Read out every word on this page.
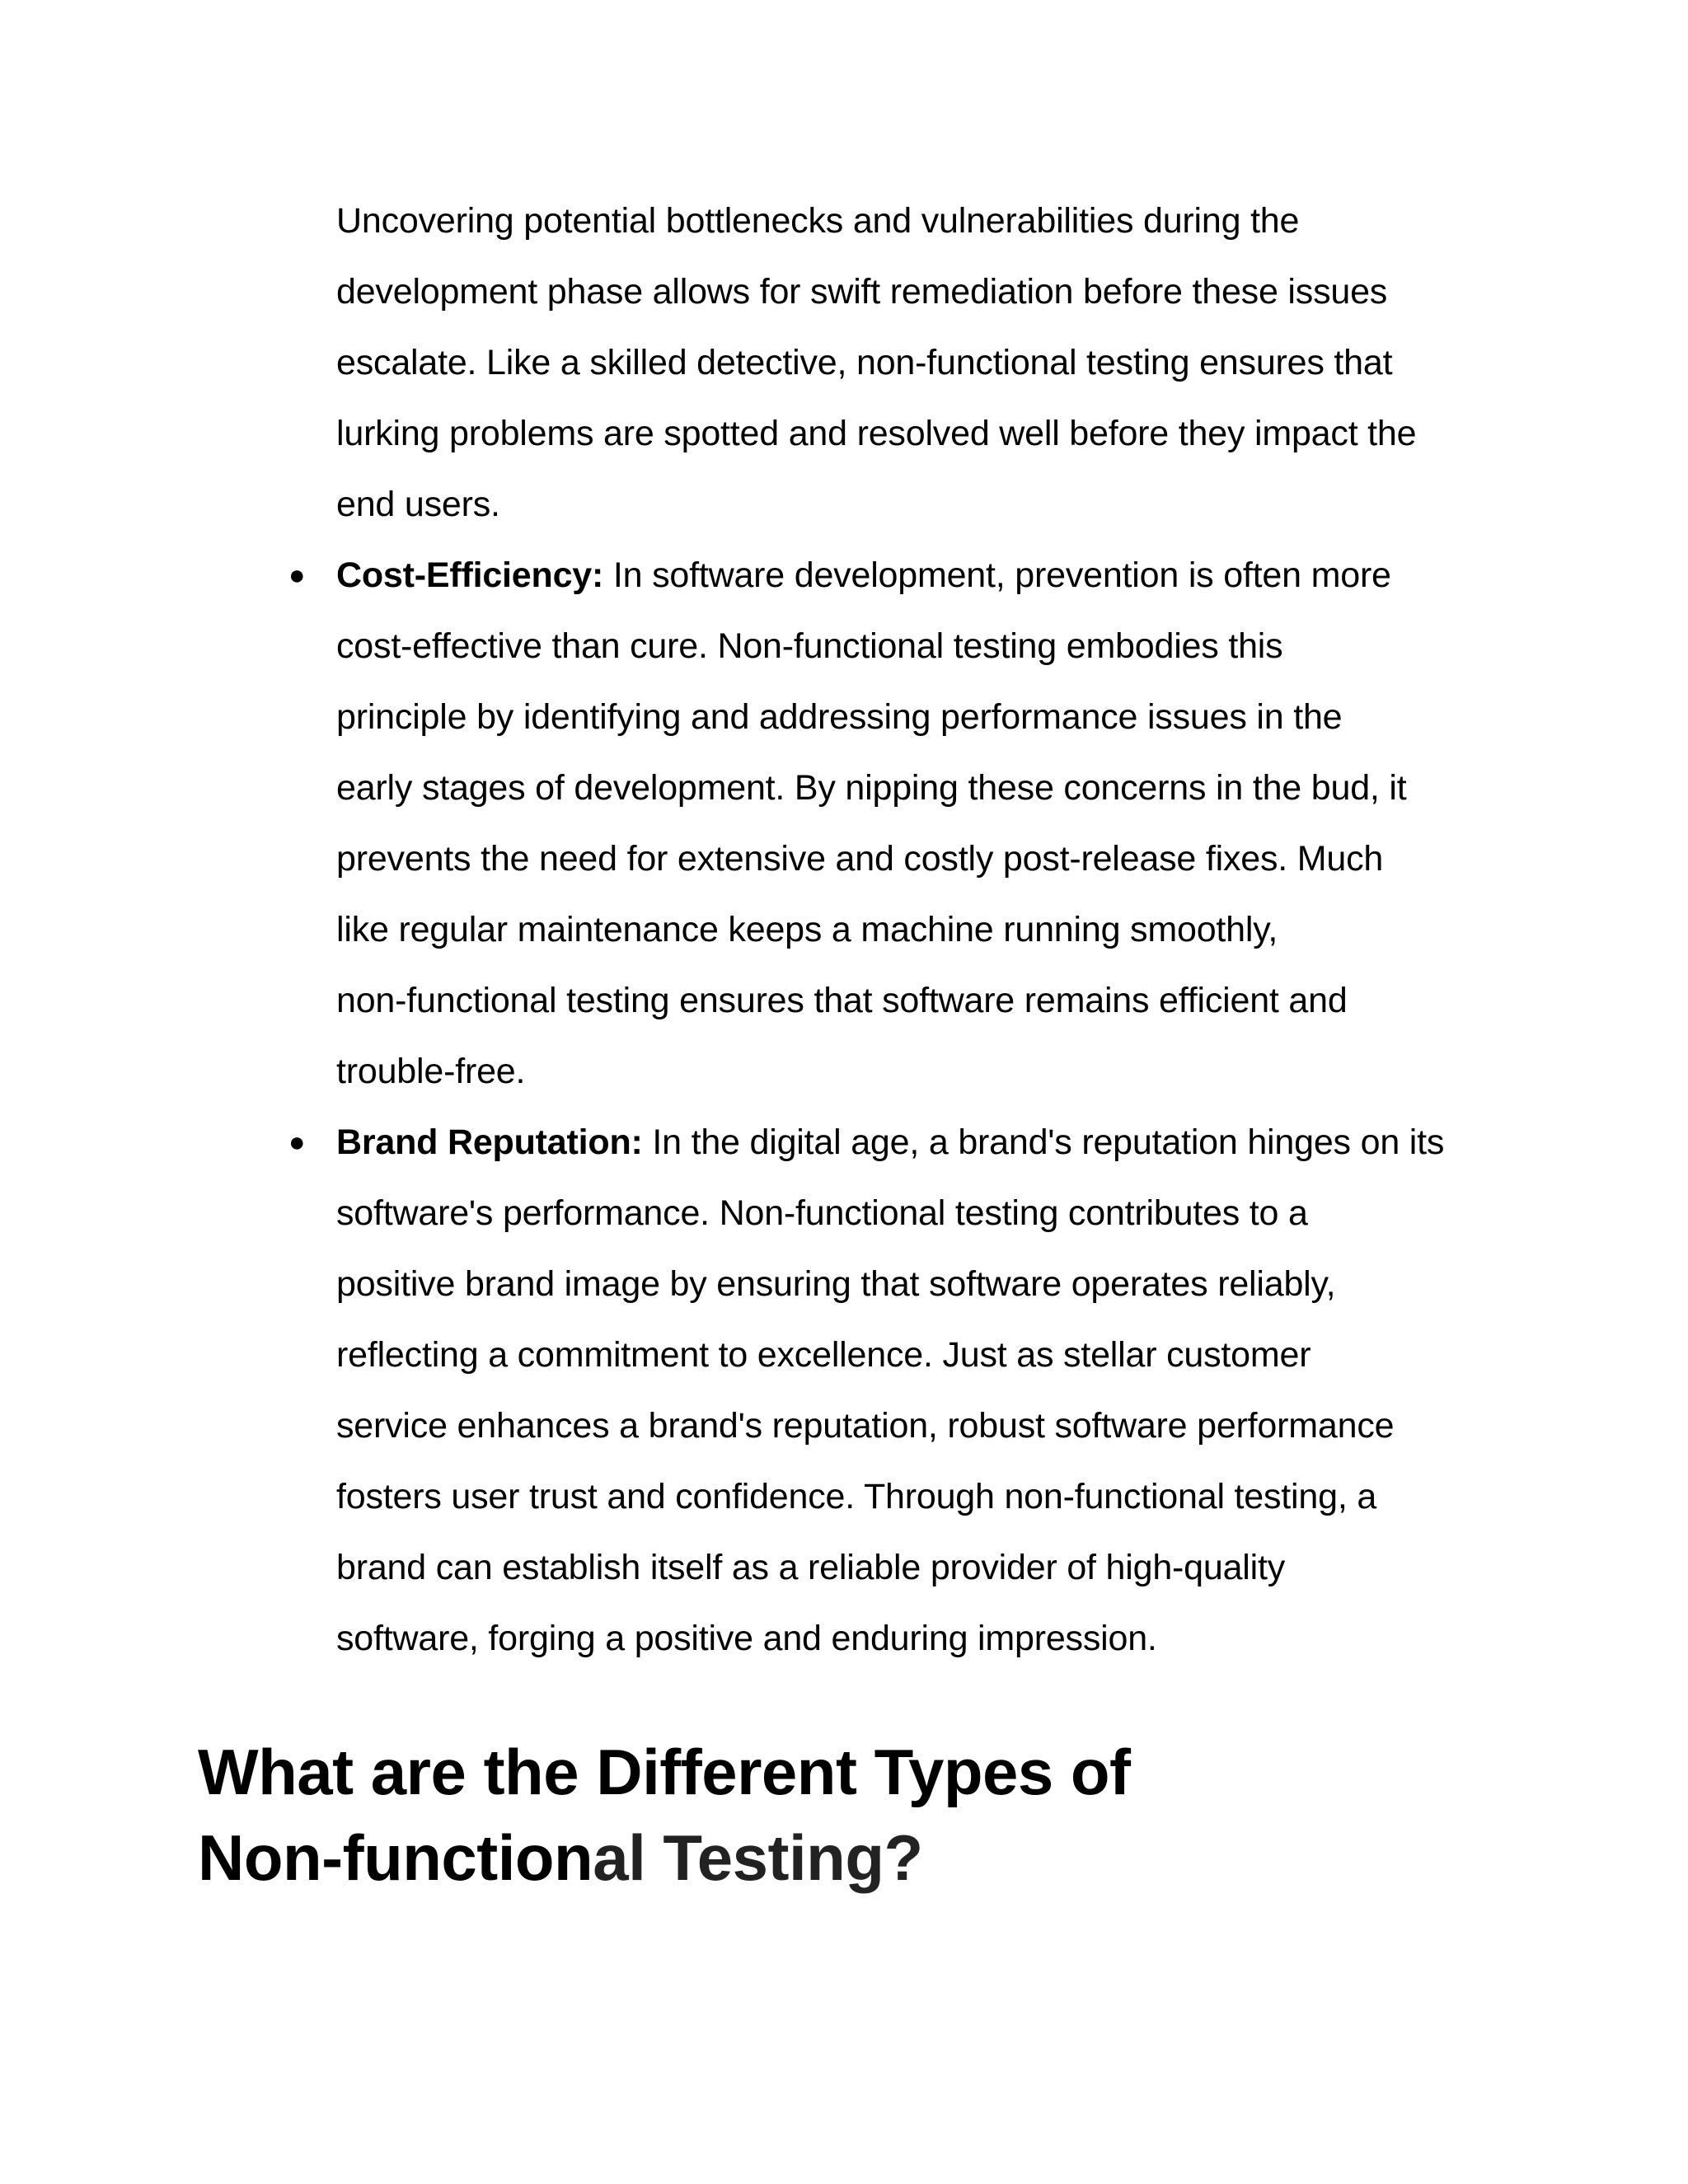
Uncovering potential bottlenecks and vulnerabilities during the
development phase allows for swift remediation before these issues
escalate. Like a skilled detective, non-functional testing ensures that
lurking problems are spotted and resolved well before they impact the
end users.
● Cost-Efficiency: In software development, prevention is often more
cost-effective than cure. Non-functional testing embodies this
principle by identifying and addressing performance issues in the
early stages of development. By nipping these concerns in the bud, it
prevents the need for extensive and costly post-release fixes. Much
like regular maintenance keeps a machine running smoothly,
non-functional testing ensures that software remains efficient and
trouble-free.
● Brand Reputation: In the digital age, a brand's reputation hinges on its
software's performance. Non-functional testing contributes to a
positive brand image by ensuring that software operates reliably,
reflecting a commitment to excellence. Just as stellar customer
service enhances a brand's reputation, robust software performance
fosters user trust and confidence. Through non-functional testing, a
brand can establish itself as a reliable provider of high-quality
software, forging a positive and enduring impression.
What are the Different Types of
Non-functional Testing?
